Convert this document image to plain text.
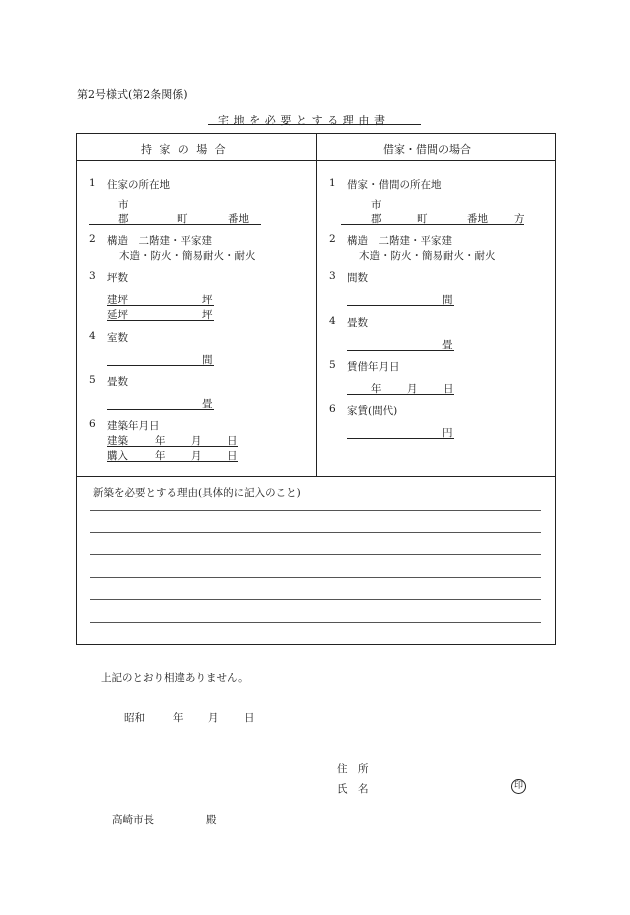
第2号様式(第2条関係)
宅地を必要とする理由書
持家の場合	借家・借間の場合
1 住家の所在地
市
郡	町	番地
2 構造　二階建・平家建
木造・防火・簡易耐火・耐火
3 坪数
建坪	坪
延坪	坪
4 室数
間
5 畳数
畳
6 建築年月日
建築	年 月 日
購入	年 月 日
1 借家・借間の所在地
市
郡	町	番地 方
2 構造　二階建・平家建
木造・防火・簡易耐火・耐火
3 間数
間
4 畳数
畳
5 賃借年月日
年 月 日
6 家賃(間代)
円
新築を必要とする理由(具体的に記入のこと)
上記のとおり相違ありません。
昭和	年 月 日
住　所
氏　名	印
高崎市長	殿
